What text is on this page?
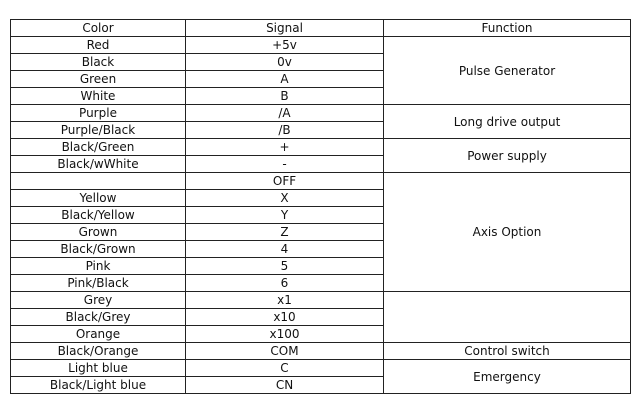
Color	Signal	Function
Red	+5v	Pulse Generator
Black	0v	
Green	A	
White	B	
Purple	/A	Long drive output
Purple/Black	/B	
Black/Green	+	Power supply
Black/wWhite	-	
	OFF	Axis Option
Yellow	X	
Black/Yellow	Y	
Grown	Z	
Black/Grown	4	
Pink	5	
Pink/Black	6	
Grey	x1	
Black/Grey	x10	
Orange	x100	
Black/Orange	COM	Control switch
Light blue	C	Emergency
Black/Light blue	CN	
